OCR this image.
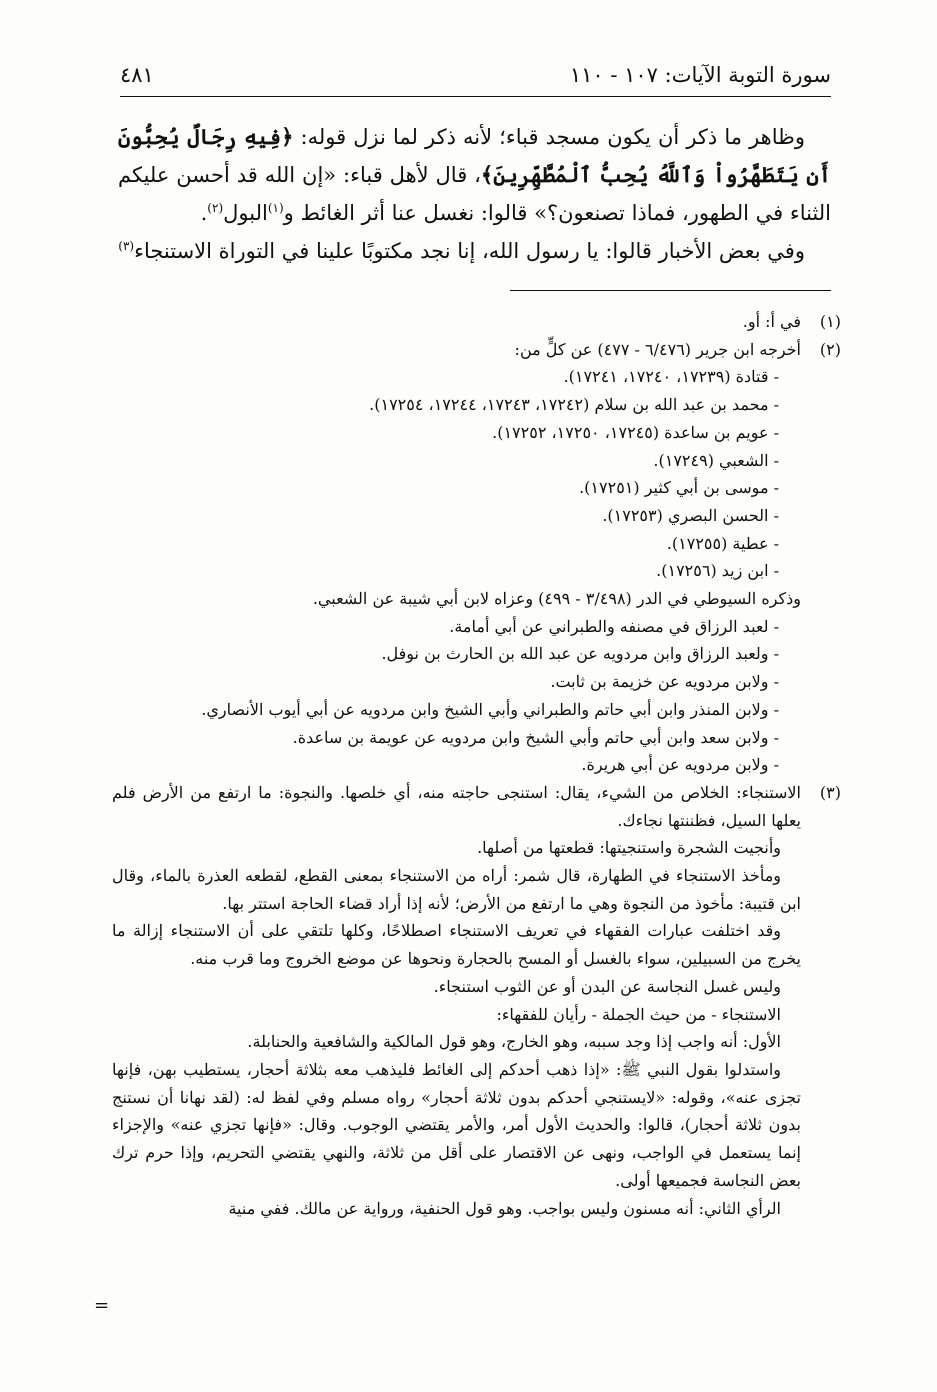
سورة التوبة الآيات: ١٠٧ - ١١٠
٤٨١

وظاهر ما ذكر أن يكون مسجد قباء؛ لأنه ذكر لما نزل قوله: ﴿فِيهِ رِجَالٌ يُحِبُّونَ أَن يَتَطَهَّرُواْ وَٱللَّهُ يُحِبُّ ٱلْمُطَّهِّرِينَ﴾، قال لأهل قباء: «إن الله قد أحسن عليكم الثناء في الطهور، فماذا تصنعون؟» قالوا: نغسل عنا أثر الغائط و$^{(١)}$البول$^{(٢)}$.

وفي بعض الأخبار قالوا: يا رسول الله، إنا نجد مكتوبًا علينا في التوراة الاستنجاء$^{(٣)}$

(١)
في أ: أو.
(٢)
أخرجه ابن جرير (٦/٤٧٦ - ٤٧٧) عن كلٍّ من:
- قتادة (١٧٢٣٩، ١٧٢٤٠، ١٧٢٤١).
- محمد بن عبد الله بن سلام (١٧٢٤٢، ١٧٢٤٣، ١٧٢٤٤، ١٧٢٥٤).
- عويم بن ساعدة (١٧٢٤٥، ١٧٢٥٠، ١٧٢٥٢).
- الشعبي (١٧٢٤٩).
- موسى بن أبي كثير (١٧٢٥١).
- الحسن البصري (١٧٢٥٣).
- عطية (١٧٢٥٥).
- ابن زيد (١٧٢٥٦).
وذكره السيوطي في الدر (٣/٤٩٨ - ٤٩٩) وعزاه لابن أبي شيبة عن الشعبي.
- لعبد الرزاق في مصنفه والطبراني عن أبي أمامة.
- ولعبد الرزاق وابن مردويه عن عبد الله بن الحارث بن نوفل.
- ولابن مردويه عن خزيمة بن ثابت.
- ولابن المنذر وابن أبي حاتم والطبراني وأبي الشيخ وابن مردويه عن أبي أيوب الأنصاري.
- ولابن سعد وابن أبي حاتم وأبي الشيخ وابن مردويه عن عويمة بن ساعدة.
- ولابن مردويه عن أبي هريرة.
(٣)
الاستنجاء: الخلاص من الشيء، يقال: استنجى حاجته منه، أي خلصها. والنجوة: ما ارتفع من الأرض فلم يعلها السيل، فظننتها نجاءك.
وأنجيت الشجرة واستنجيتها: قطعتها من أصلها.
ومأخذ الاستنجاء في الطهارة، قال شمر: أراه من الاستنجاء بمعنى القطع، لقطعه العذرة بالماء، وقال ابن قتيبة: مأخوذ من النجوة وهي ما ارتفع من الأرض؛ لأنه إذا أراد قضاء الحاجة استتر بها.
وقد اختلفت عبارات الفقهاء في تعريف الاستنجاء اصطلاحًا، وكلها تلتقي على أن الاستنجاء إزالة ما يخرج من السبيلين، سواء بالغسل أو المسح بالحجارة ونحوها عن موضع الخروج وما قرب منه.
وليس غسل النجاسة عن البدن أو عن الثوب استنجاء.
الاستنجاء - من حيث الجملة - رأيان للفقهاء:
الأول: أنه واجب إذا وجد سببه، وهو الخارج، وهو قول المالكية والشافعية والحنابلة.
واستدلوا بقول النبي ﷺ: «إذا ذهب أحدكم إلى الغائط فليذهب معه بثلاثة أحجار، يستطيب بهن، فإنها تجزى عنه»، وقوله: «لايستنجي أحدكم بدون ثلاثة أحجار» رواه مسلم وفي لفظ له: (لقد نهانا أن نستنج بدون ثلاثة أحجار)، قالوا: والحديث الأول أمر، والأمر يقتضي الوجوب. وقال: «فإنها تجزي عنه» والإجزاء إنما يستعمل في الواجب، ونهى عن الاقتصار على أقل من ثلاثة، والنهي يقتضي التحريم، وإذا حرم ترك بعض النجاسة فجميعها أولى.
الرأي الثاني: أنه مسنون وليس بواجب. وهو قول الحنفية، ورواية عن مالك. ففي منية
=
